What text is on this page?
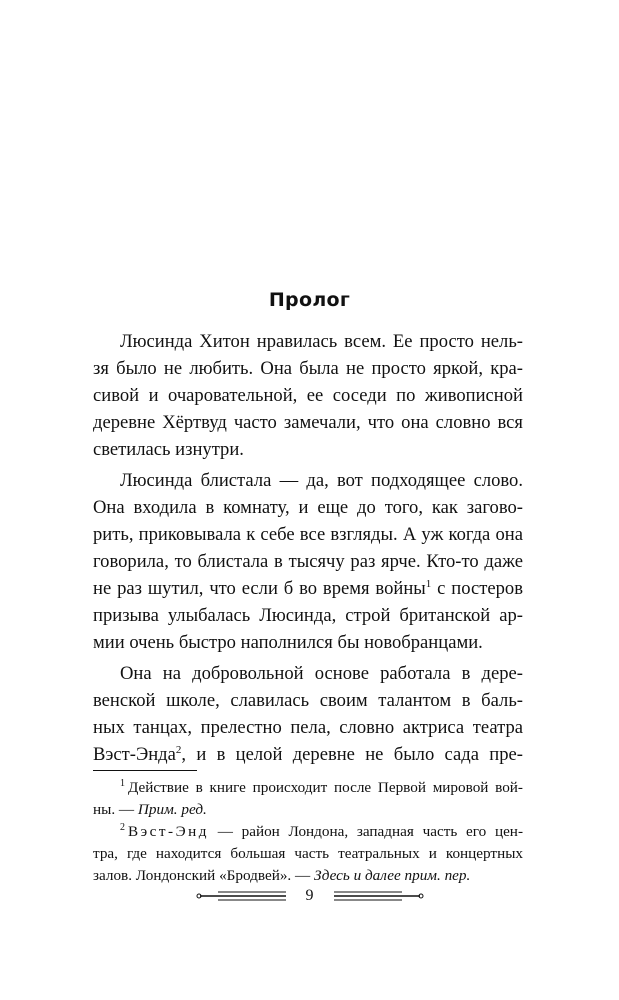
Пролог

Люсинда Хитон нравилась всем. Ее просто нель-
зя было не любить. Она была не просто яркой, кра-
сивой и очаровательной, ее соседи по живописной
деревне Хёртвуд часто замечали, что она словно вся
светилась изнутри.

Люсинда блистала — да, вот подходящее слово.
Она входила в комнату, и еще до того, как загово-
рить, приковывала к себе все взгляды. А уж когда она
говорила, то блистала в тысячу раз ярче. Кто-то даже
не раз шутил, что если б во время войны$^1$ с постеров
призыва улыбалась Люсинда, строй британской ар-
мии очень быстро наполнился бы новобранцами.

Она на добровольной основе работала в дере-
венской школе, славилась своим талантом в баль-
ных танцах, прелестно пела, словно актриса театра
Вэст-Энда$^2$, и в целой деревне не было сада пре-

$^1$ Действие в книге происходит после Первой мировой вой-
ны. — Прим. ред.
$^2$ Вэст-Энд — район Лондона, западная часть его цен-
тра, где находится большая часть театральных и концертных
залов. Лондонский «Бродвей». — Здесь и далее прим. пер.
9
